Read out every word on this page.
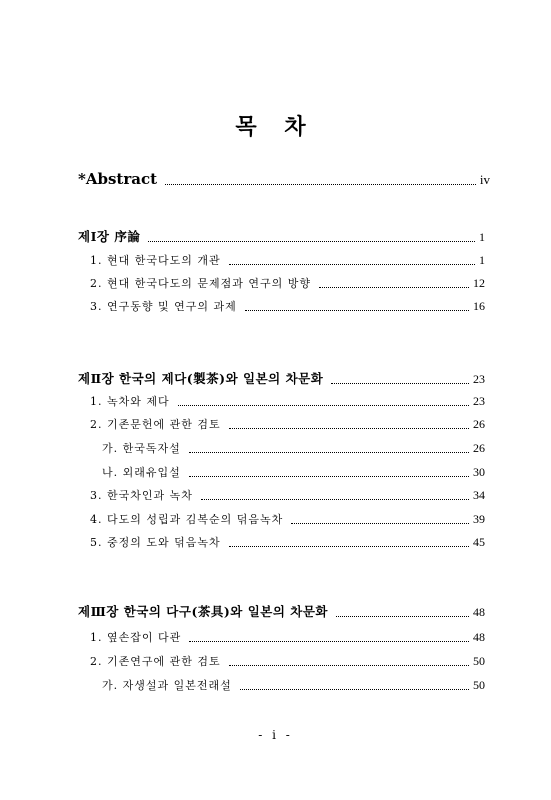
목 차
*Abstract	iv
제Ⅰ장 序論	1
1. 현대 한국다도의 개관	1
2. 현대 한국다도의 문제점과 연구의 방향	12
3. 연구동향 및 연구의 과제	16
제Ⅱ장 한국의 제다(製茶)와 일본의 차문화	23
1. 녹차와 제다	23
2. 기존문헌에 관한 검토	26
가. 한국독자설	26
나. 외래유입설	30
3. 한국차인과 녹차	34
4. 다도의 성립과 김복순의 덖음녹차	39
5. 중정의 도와 덖음녹차	45
제Ⅲ장 한국의 다구(茶具)와 일본의 차문화	48
1. 옆손잡이 다관	48
2. 기존연구에 관한 검토	50
가. 자생설과 일본전래설	50
- i -
